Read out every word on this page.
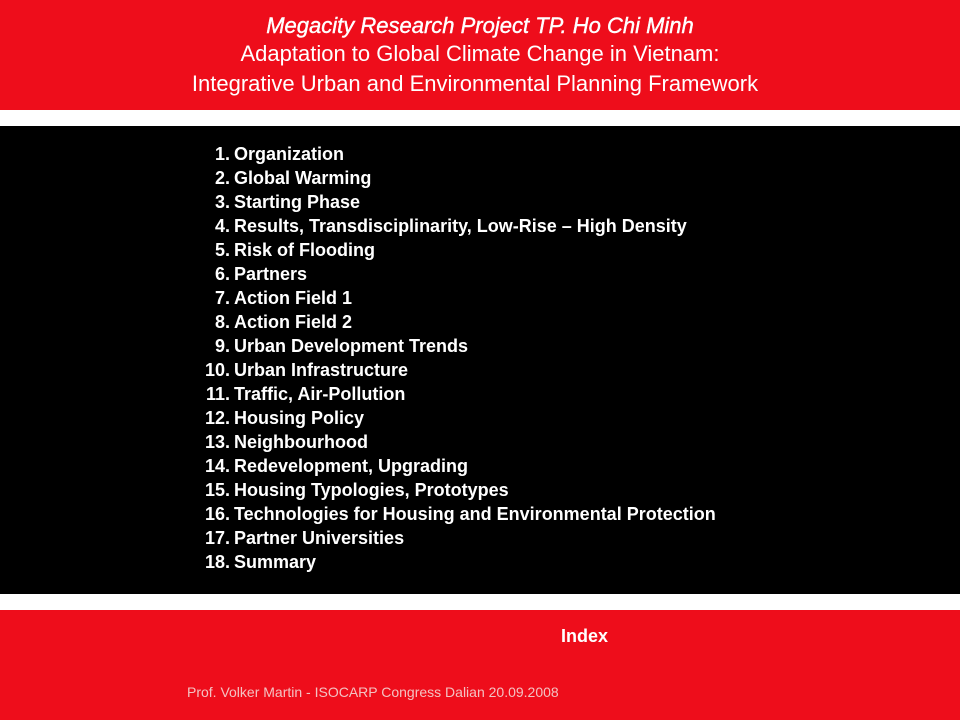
Megacity Research Project TP. Ho Chi Minh
Adaptation to Global Climate Change in Vietnam:
Integrative Urban and Environmental Planning Framework
1. Organization
2. Global Warming
3. Starting Phase
4. Results, Transdisciplinarity, Low-Rise – High Density
5. Risk of Flooding
6. Partners
7. Action Field 1
8. Action Field 2
9. Urban Development Trends
10. Urban Infrastructure
11. Traffic, Air-Pollution
12. Housing Policy
13. Neighbourhood
14. Redevelopment, Upgrading
15. Housing Typologies, Prototypes
16. Technologies for Housing and Environmental Protection
17. Partner Universities
18. Summary
Index
Prof. Volker Martin - ISOCARP Congress Dalian 20.09.2008
